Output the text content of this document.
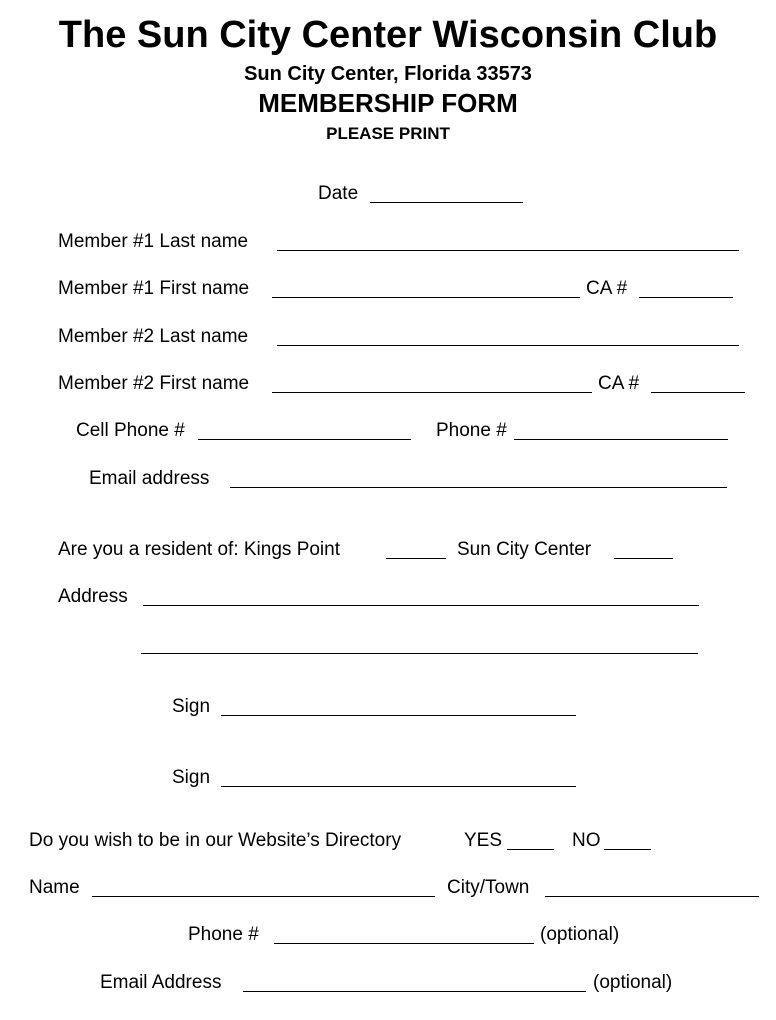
The Sun City Center Wisconsin Club
Sun City Center, Florida 33573
MEMBERSHIP FORM
PLEASE PRINT
Date
Member #1 Last name
Member #1 First name	CA #
Member #2 Last name
Member #2 First name	CA #
Cell Phone #	Phone #
Email address
Are you a resident of: Kings Point	Sun City Center
Address
Sign
Sign
Do you wish to be in our Website’s Directory	YES	NO
Name	City/Town
Phone #	(optional)
Email Address	(optional)
